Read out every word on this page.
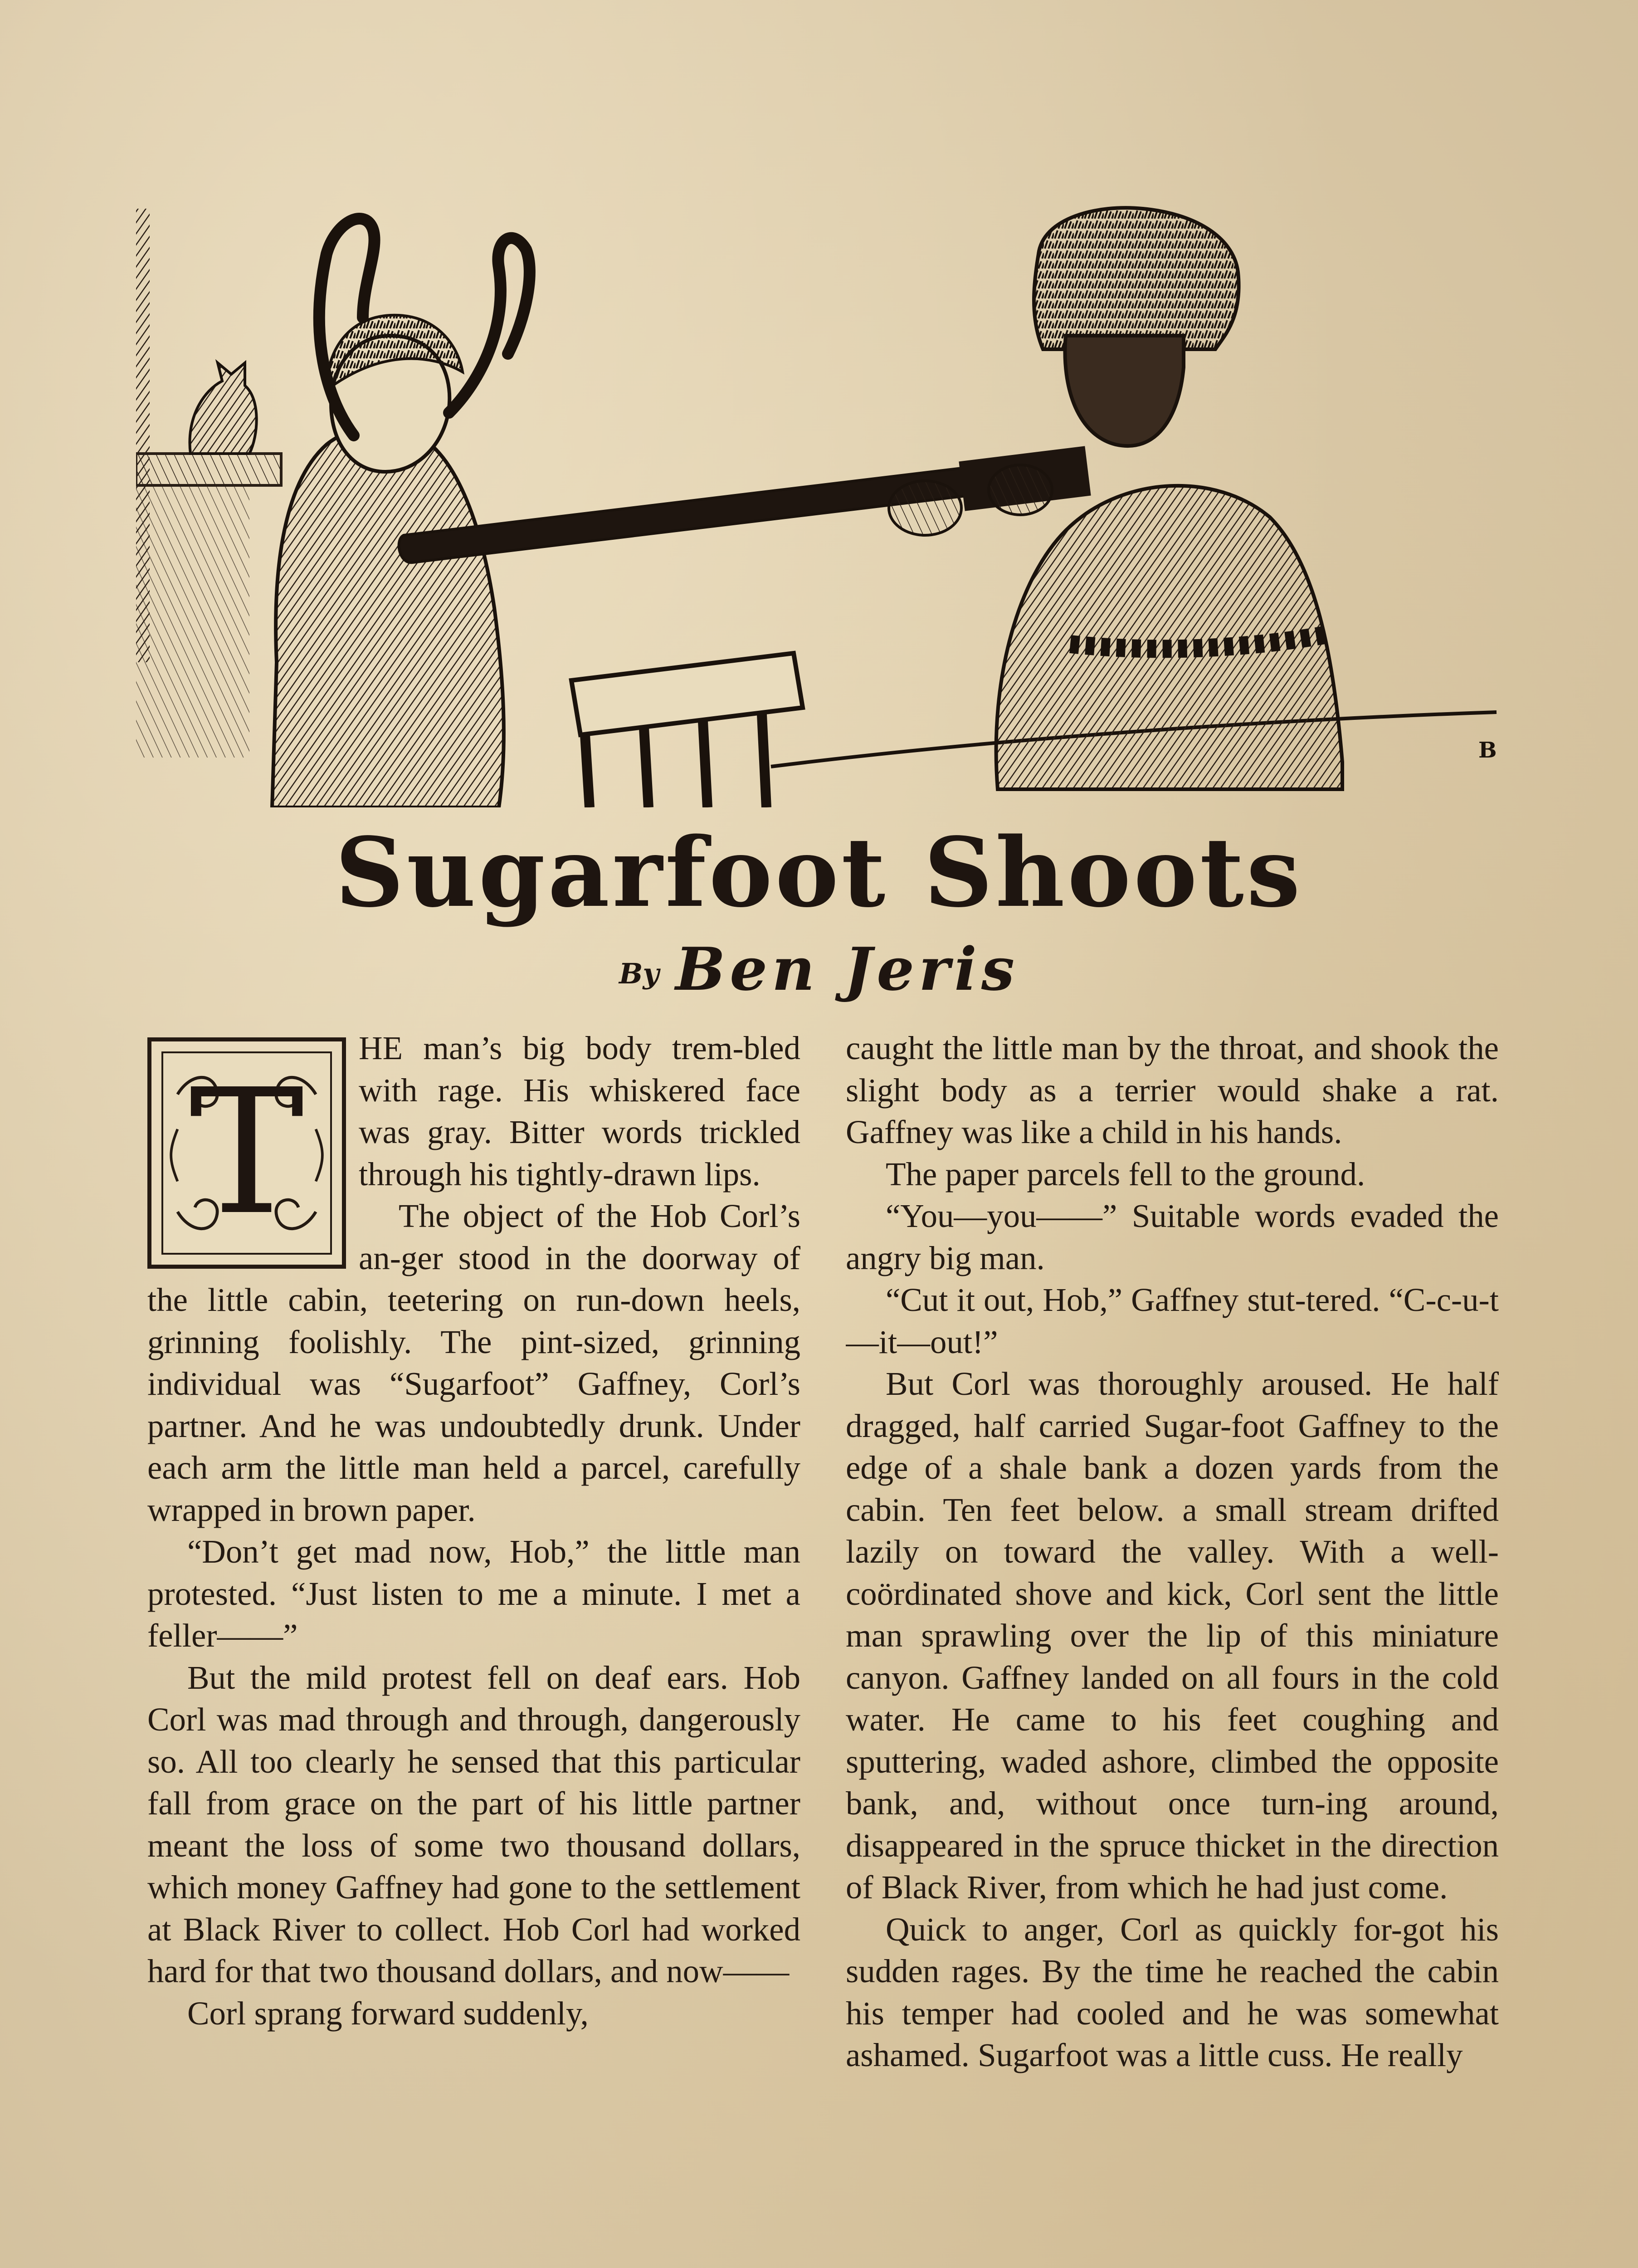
B
Sugarfoot Shoots
By Ben Jeris
T

HE man’s big body trem-bled with rage. His whiskered face was gray. Bitter words trickled through his tightly-drawn lips.

The object of the Hob Corl’s an-ger stood in the doorway of the little cabin, teetering on run-down heels, grinning foolishly. The pint-sized, grinning individual was “Sugarfoot” Gaffney, Corl’s partner. And he was undoubtedly drunk. Under each arm the little man held a parcel, carefully wrapped in brown paper.

“Don’t get mad now, Hob,” the little man protested. “Just listen to me a minute. I met a feller——”

But the mild protest fell on deaf ears. Hob Corl was mad through and through, dangerously so. All too clearly he sensed that this particular fall from grace on the part of his little partner meant the loss of some two thousand dollars, which money Gaffney had gone to the settlement at Black River to collect. Hob Corl had worked hard for that two thousand dollars, and now——

Corl sprang forward suddenly,

caught the little man by the throat, and shook the slight body as a terrier would shake a rat. Gaffney was like a child in his hands.

The paper parcels fell to the ground.

“You—you——” Suitable words evaded the angry big man.

“Cut it out, Hob,” Gaffney stut-tered. “C-c-u-t—it—out!”

But Corl was thoroughly aroused. He half dragged, half carried Sugar-foot Gaffney to the edge of a shale bank a dozen yards from the cabin. Ten feet below. a small stream drifted lazily on toward the valley. With a well-coördinated shove and kick, Corl sent the little man sprawling over the lip of this miniature canyon. Gaffney landed on all fours in the cold water. He came to his feet coughing and sputtering, waded ashore, climbed the opposite bank, and, without once turn-ing around, disappeared in the spruce thicket in the direction of Black River, from which he had just come.

Quick to anger, Corl as quickly for-got his sudden rages. By the time he reached the cabin his temper had cooled and he was somewhat ashamed. Sugarfoot was a little cuss. He really
